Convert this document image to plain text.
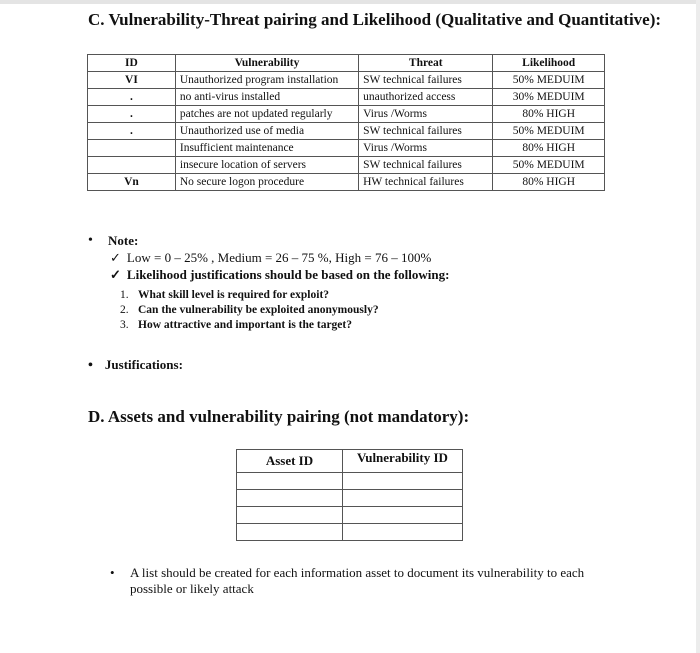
C. Vulnerability-Threat pairing and Likelihood (Qualitative and Quantitative):
ID	Vulnerability	Threat	Likelihood
VI	Unauthorized program installation	SW technical failures	50% MEDUIM
.	no anti-virus installed	unauthorized access	30% MEDUIM
.	patches are not updated regularly	Virus /Worms	80% HIGH
.	Unauthorized use of media	SW technical failures	50% MEDUIM
	Insufficient maintenance	Virus /Worms	80% HIGH
	insecure location of servers	SW technical failures	50% MEDUIM
Vn	No secure logon procedure	HW technical failures	80% HIGH
• Note:
✓ Low = 0 – 25% , Medium = 26 – 75 %, High = 76 – 100%
✓ Likelihood justifications should be based on the following:
1. What skill level is required for exploit?
2. Can the vulnerability be exploited anonymously?
3. How attractive and important is the target?
• Justifications:
D. Assets and vulnerability pairing (not mandatory):
Asset ID	Vulnerability ID

• A list should be created for each information asset to document its vulnerability to each possible or likely attack
